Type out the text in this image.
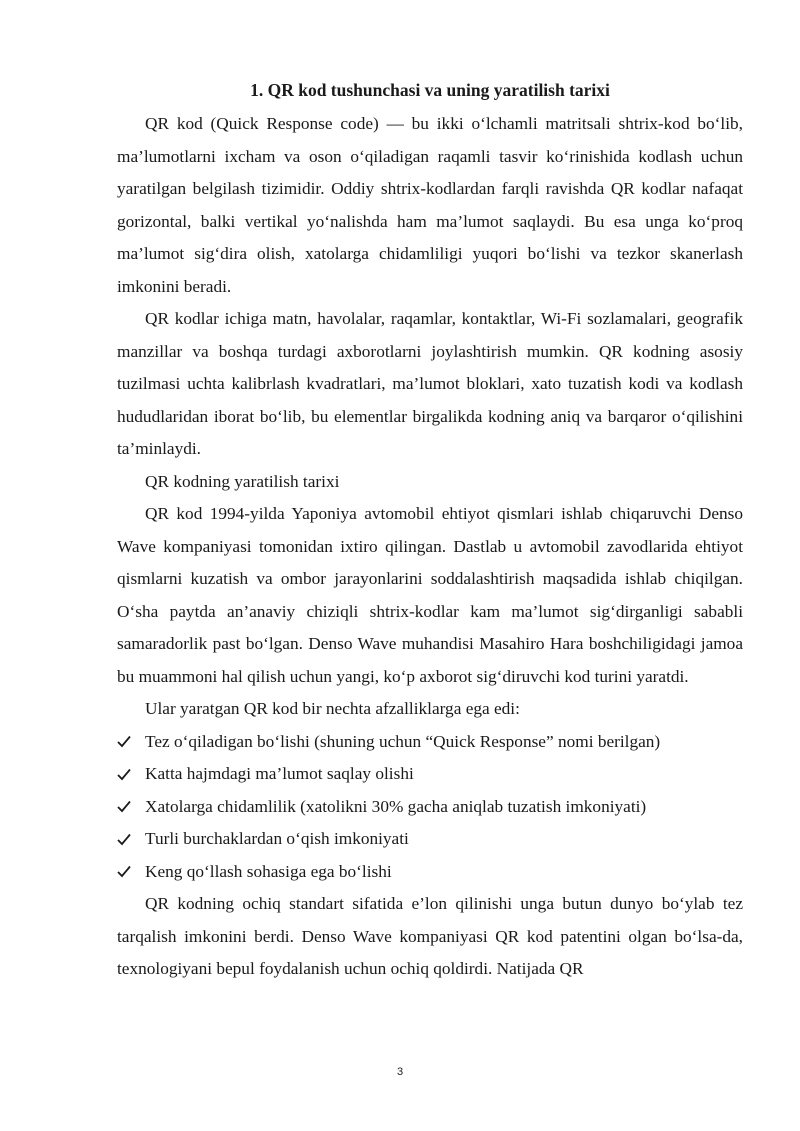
1. QR kod tushunchasi va uning yaratilish tarixi

QR kod (Quick Response code) — bu ikki o‘lchamli matritsali shtrix-kod bo‘lib, ma’lumotlarni ixcham va oson o‘qiladigan raqamli tasvir ko‘rinishida kodlash uchun yaratilgan belgilash tizimidir. Oddiy shtrix-kodlardan farqli ravishda QR kodlar nafaqat gorizontal, balki vertikal yo‘nalishda ham ma’lumot saqlaydi. Bu esa unga ko‘proq ma’lumot sig‘dira olish, xatolarga chidamliligi yuqori bo‘lishi va tezkor skanerlash imkonini beradi.

QR kodlar ichiga matn, havolalar, raqamlar, kontaktlar, Wi-Fi sozlamalari, geografik manzillar va boshqa turdagi axborotlarni joylashtirish mumkin. QR kodning asosiy tuzilmasi uchta kalibrlash kvadratlari, ma’lumot bloklari, xato tuzatish kodi va kodlash hududlaridan iborat bo‘lib, bu elementlar birgalikda kodning aniq va barqaror o‘qilishini ta’minlaydi.

QR kodning yaratilish tarixi

QR kod 1994-yilda Yaponiya avtomobil ehtiyot qismlari ishlab chiqaruvchi Denso Wave kompaniyasi tomonidan ixtiro qilingan. Dastlab u avtomobil zavodlarida ehtiyot qismlarni kuzatish va ombor jarayonlarini soddalashtirish maqsadida ishlab chiqilgan. O‘sha paytda an’anaviy chiziqli shtrix-kodlar kam ma’lumot sig‘dirganligi sababli samaradorlik past bo‘lgan. Denso Wave muhandisi Masahiro Hara boshchiligidagi jamoa bu muammoni hal qilish uchun yangi, ko‘p axborot sig‘diruvchi kod turini yaratdi.

Ular yaratgan QR kod bir nechta afzalliklarga ega edi:

Tez o‘qiladigan bo‘lishi (shuning uchun “Quick Response” nomi berilgan)
Katta hajmdagi ma’lumot saqlay olishi
Xatolarga chidamlilik (xatolikni 30% gacha aniqlab tuzatish imkoniyati)
Turli burchaklardan o‘qish imkoniyati
Keng qo‘llash sohasiga ega bo‘lishi

QR kodning ochiq standart sifatida e’lon qilinishi unga butun dunyo bo‘ylab tez tarqalish imkonini berdi. Denso Wave kompaniyasi QR kod patentini olgan bo‘lsa-da, texnologiyani bepul foydalanish uchun ochiq qoldirdi. Natijada QR

3
